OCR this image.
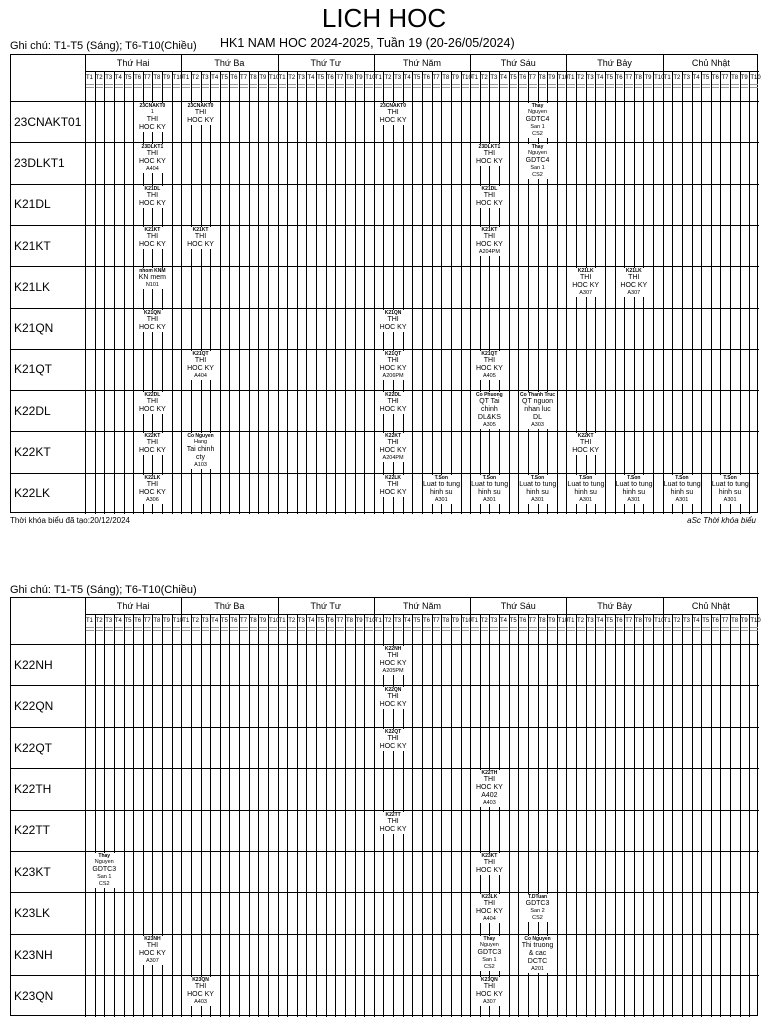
LICH HOC
Ghi chú: T1-T5 (Sáng); T6-T10(Chiều) HK1 NAM HOC 2024-2025, Tuần 19 (20-26/05/2024)
Thứ Hai
T1 T2 T3 T4 T5 T6 T7 T8 T9 T10
Thứ Ba
T1 T2 T3 T4 T5 T6 T7 T8 T9 T10
Thứ Tư
T1 T2 T3 T4 T5 T6 T7 T8 T9 T10
Thứ Năm
T1 T2 T3 T4 T5 T6 T7 T8 T9 T10
Thứ Sáu
T1 T2 T3 T4 T5 T6 T7 T8 T9 T10
Thứ Bảy
T1 T2 T3 T4 T5 T6 T7 T8 T9 T10
Chủ Nhật
T1 T2 T3 T4 T5 T6 T7 T8 T9 T10
23CNAKT01
23CNAKT0
1
THI
HOC KY
23CNAKT0
THI
HOC KY
23CNAKT0
THI
HOC KY
Thay
Nguyen
GDTC4
San 1
CS2
23DLKT1
23DLKT1
THI
HOC KY
A404
23DLKT1
THI
HOC KY
Thay
Nguyen
GDTC4
San 1
CS2
K21DL
K21DL
THI
HOC KY
K21DL
THI
HOC KY
K21KT
K21KT
THI
HOC KY
K21KT
THI
HOC KY
K21KT
THI
HOC KY
A204PM
K21LK
nhom KNM
KN mem
N101
K21LK
THI
HOC KY
A307
K21LK
THI
HOC KY
A307
K21QN
K21QN
THI
HOC KY
K21QN
THI
HOC KY
K21QT
K21QT
THI
HOC KY
A404
K21QT
THI
HOC KY
A206PM
K21QT
THI
HOC KY
A405
K22DL
K22DL
THI
HOC KY
K22DL
THI
HOC KY
Co Phuong
QT Tai
chinh
DL&KS
A305
Co Thanh Truc
QT nguon
nhan luc
DL
A303
K22KT
K22KT
THI
HOC KY
Co Nguyen
Hang
Tai chinh
cty
A103
K22KT
THI
HOC KY
A204PM
K22KT
THI
HOC KY
K22LK
K22LK
THI
HOC KY
A306
K22LK
THI
HOC KY
T.Son
Luat to tung
hinh su
A301
T.Son
Luat to tung
hinh su
A301
T.Son
Luat to tung
hinh su
A301
T.Son
Luat to tung
hinh su
A301
T.Son
Luat to tung
hinh su
A301
T.Son
Luat to tung
hinh su
A301
T.Son
Luat to tung
hinh su
A301
Thời khóa biểu đã tạo:20/12/2024	aSc Thời khóa biểu
Ghi chú: T1-T5 (Sáng); T6-T10(Chiều)
Thứ Hai
T1 T2 T3 T4 T5 T6 T7 T8 T9 T10
Thứ Ba
T1 T2 T3 T4 T5 T6 T7 T8 T9 T10
Thứ Tư
T1 T2 T3 T4 T5 T6 T7 T8 T9 T10
Thứ Năm
T1 T2 T3 T4 T5 T6 T7 T8 T9 T10
Thứ Sáu
T1 T2 T3 T4 T5 T6 T7 T8 T9 T10
Thứ Bảy
T1 T2 T3 T4 T5 T6 T7 T8 T9 T10
Chủ Nhật
T1 T2 T3 T4 T5 T6 T7 T8 T9 T10
K22NH
K22NH
THI
HOC KY
A205PM
K22QN
K22QN
THI
HOC KY
K22QT
K22QT
THI
HOC KY
K22TH
K22TH
THI
HOC KY
A402
A403
K22TT
K22TT
THI
HOC KY
K23KT
Thay
Nguyen
GDTC3
San 1
CS2
K23KT
THI
HOC KY
K23LK
K23LK
THI
HOC KY
A404
T.DTuan
GDTC3
San 2
CS2
K23NH
K23NH
THI
HOC KY
A307
Thay
Nguyen
GDTC3
San 1
CS2
Co Nguyen
Thi truong
& cac
DCTC
A201
K23QN
K23QN
THI
HOC KY
A403
K23QN
THI
HOC KY
A307
